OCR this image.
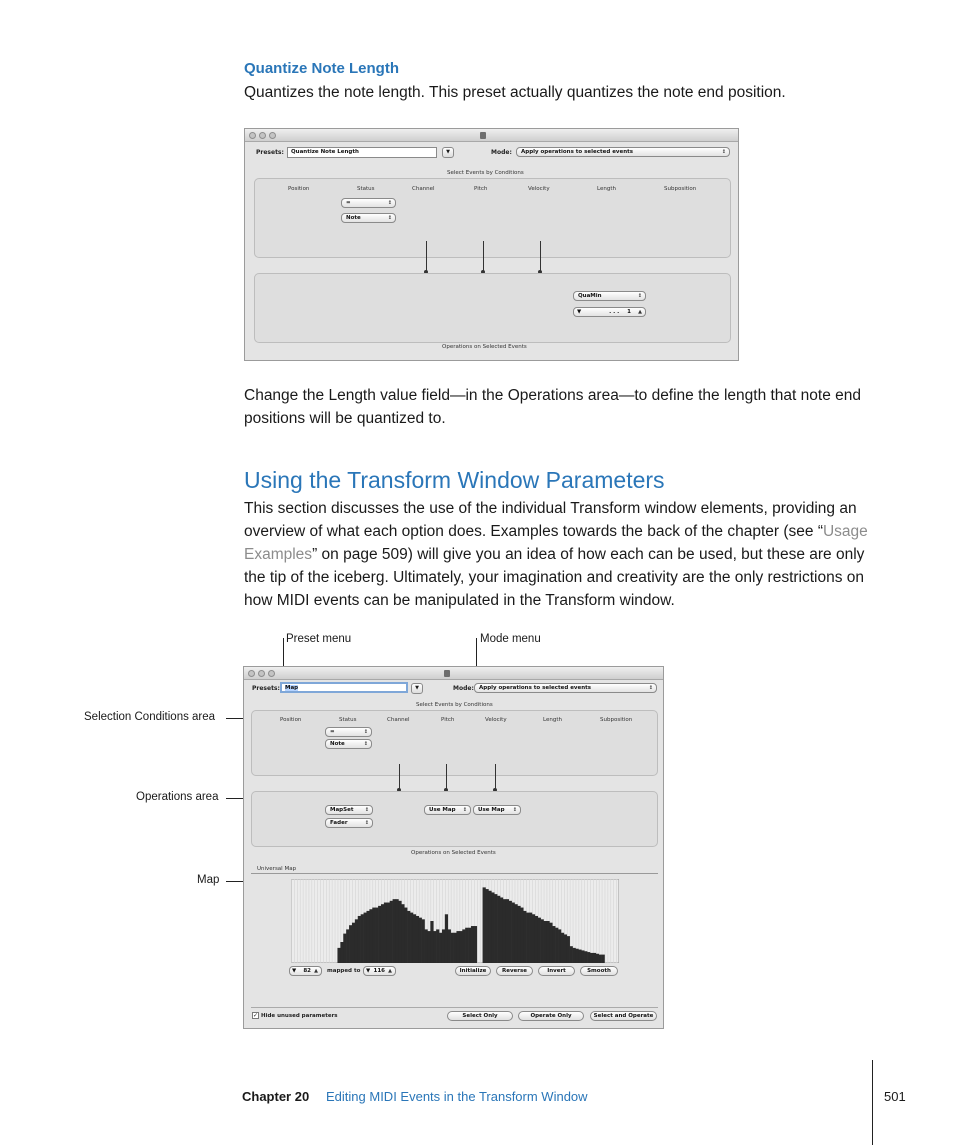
Quantize Note Length
Quantizes the note length. This preset actually quantizes the note end position.
Presets:	Quantize Note Length	▼	Mode:	Apply operations to selected events	↕
Select Events by Conditions
Position	Status	Channel	Pitch	Velocity	Length	Subposition
=	↕
Note	↕
QuaMin	↕
▼	. . . 1 ▲
Operations on Selected Events
Change the Length value field—in the Operations area—to define the length that note end positions will be quantized to.
Using the Transform Window Parameters
This section discusses the use of the individual Transform window elements, providing an overview of what each option does. Examples towards the back of the chapter (see “Usage Examples” on page 509) will give you an idea of how each can be used, but these are only the tip of the iceberg. Ultimately, your imagination and creativity are the only restrictions on how MIDI events can be manipulated in the Transform window.
Preset menu	Mode menu
Selection Conditions area
Operations area
Map
Presets: Map	▼	Mode: Apply operations to selected events	↕
Select Events by Conditions
Position	Status	Channel	Pitch	Velocity	Length	Subposition
=	↕
Note	↕
MapSet ↕
Fader	↕
Use Map ↕	Use Map ↕
Operations on Selected Events
Universal Map
▼ 82 ▲ mapped to ▼ 116 ▲	Initialize	Reverse	Invert	Smooth
✓ Hide unused parameters	Select Only	Operate Only	Select and Operate
Chapter 20 Editing MIDI Events in the Transform Window	501
